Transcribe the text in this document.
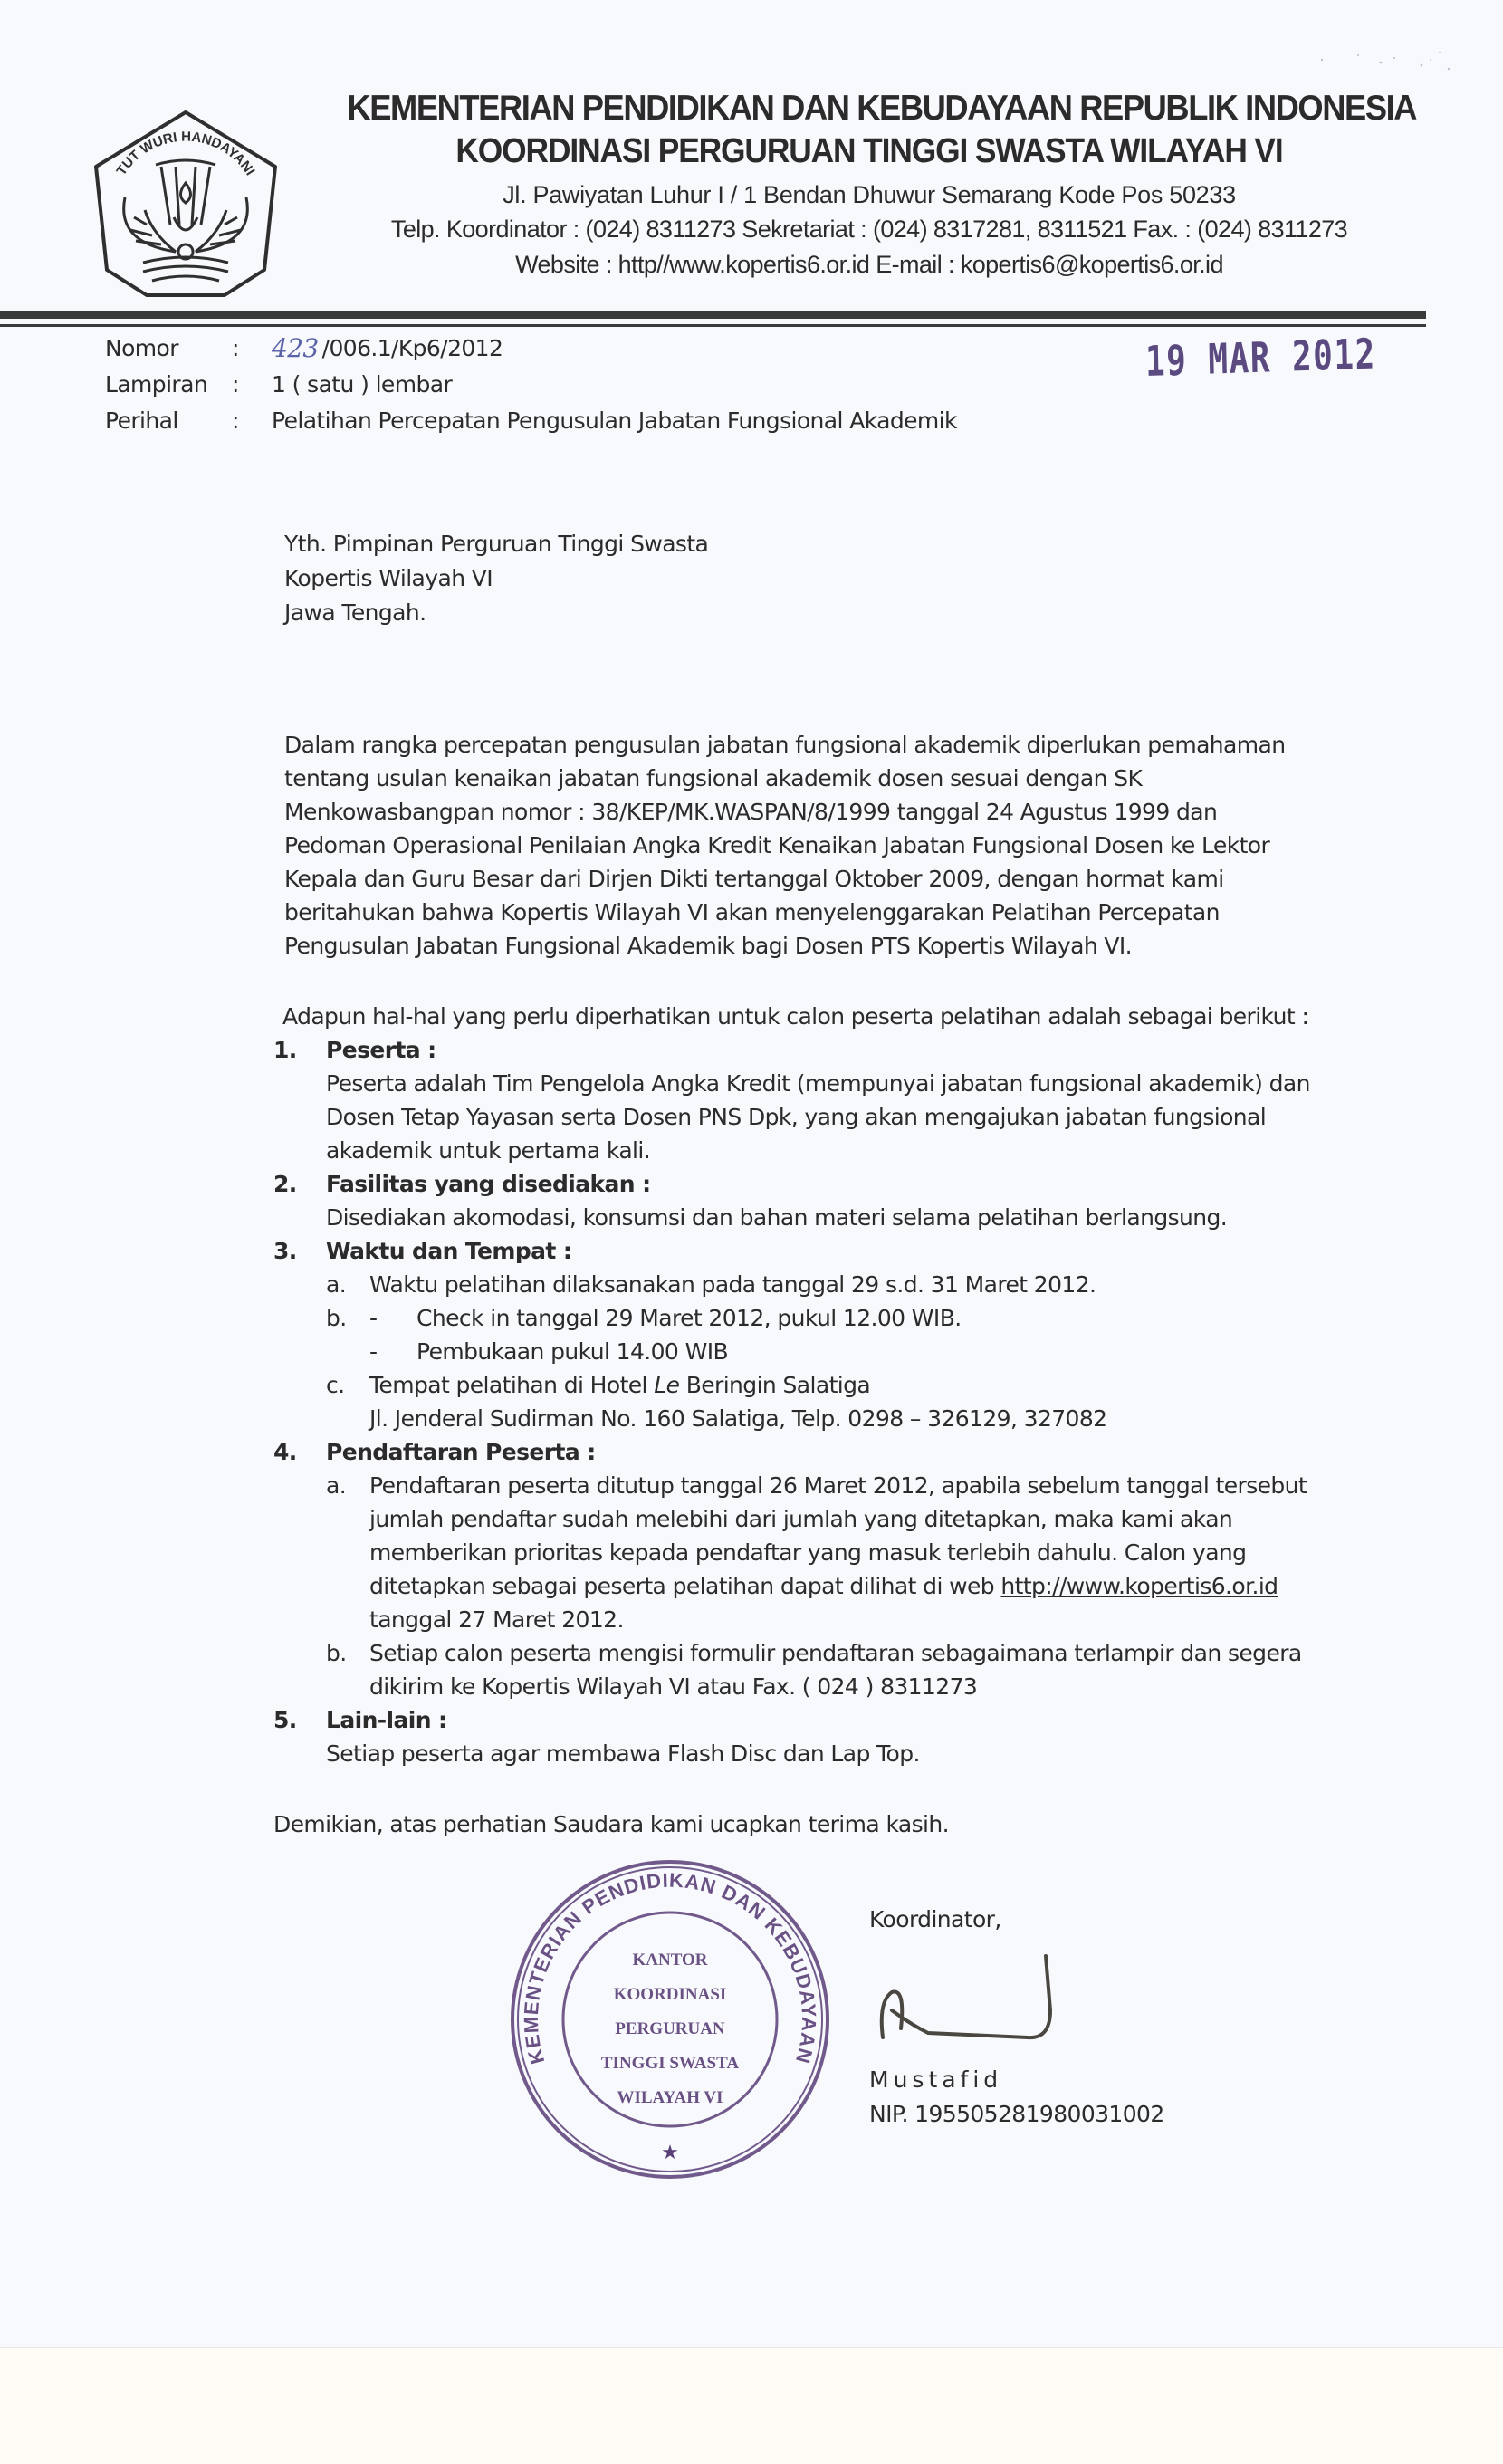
TUT WURI HANDAYANI
KEMENTERIAN PENDIDIKAN DAN KEBUDAYAAN REPUBLIK INDONESIA
KOORDINASI PERGURUAN TINGGI SWASTA WILAYAH VI
Jl. Pawiyatan Luhur I / 1 Bendan Dhuwur Semarang Kode Pos 50233
Telp. Koordinator : (024) 8311273 Sekretariat : (024) 8317281, 8311521 Fax. : (024) 8311273
Website : http//www.kopertis6.or.id E-mail : kopertis6@kopertis6.or.id
Nomor	:	423 /006.1/Kp6/2012
Lampiran	:	1 ( satu ) lembar
Perihal	:	Pelatihan Percepatan Pengusulan Jabatan Fungsional Akademik
19 MAR 2012
Yth. Pimpinan Perguruan Tinggi Swasta
Kopertis Wilayah VI
Jawa Tengah.
Dalam rangka percepatan pengusulan jabatan fungsional akademik diperlukan pemahaman
tentang usulan kenaikan jabatan fungsional akademik dosen sesuai dengan SK
Menkowasbangpan nomor : 38/KEP/MK.WASPAN/8/1999 tanggal 24 Agustus 1999 dan
Pedoman Operasional Penilaian Angka Kredit Kenaikan Jabatan Fungsional Dosen ke Lektor
Kepala dan Guru Besar dari Dirjen Dikti tertanggal Oktober 2009, dengan hormat kami
beritahukan bahwa Kopertis Wilayah VI akan menyelenggarakan Pelatihan Percepatan
Pengusulan Jabatan Fungsional Akademik bagi Dosen PTS Kopertis Wilayah VI.
Adapun hal-hal yang perlu diperhatikan untuk calon peserta pelatihan adalah sebagai berikut :
1.	Peserta :
Peserta adalah Tim Pengelola Angka Kredit (mempunyai jabatan fungsional akademik) dan
Dosen Tetap Yayasan serta Dosen PNS Dpk, yang akan mengajukan jabatan fungsional
akademik untuk pertama kali.
2.	Fasilitas yang disediakan :
Disediakan akomodasi, konsumsi dan bahan materi selama pelatihan berlangsung.
3.	Waktu dan Tempat :
a.	Waktu pelatihan dilaksanakan pada tanggal 29 s.d. 31 Maret 2012.
b.	-	Check in tanggal 29 Maret 2012, pukul 12.00 WIB.
-	Pembukaan pukul 14.00 WIB
c.	Tempat pelatihan di Hotel Le Beringin Salatiga
Jl. Jenderal Sudirman No. 160 Salatiga, Telp. 0298 – 326129, 327082
4.	Pendaftaran Peserta :
a.	Pendaftaran peserta ditutup tanggal 26 Maret 2012, apabila sebelum tanggal tersebut
jumlah pendaftar sudah melebihi dari jumlah yang ditetapkan, maka kami akan
memberikan prioritas kepada pendaftar yang masuk terlebih dahulu. Calon yang
ditetapkan sebagai peserta pelatihan dapat dilihat di web http://www.kopertis6.or.id
tanggal 27 Maret 2012.
b.	Setiap calon peserta mengisi formulir pendaftaran sebagaimana terlampir dan segera
dikirim ke Kopertis Wilayah VI atau Fax. ( 024 ) 8311273
5.	Lain-lain :
Setiap peserta agar membawa Flash Disc dan Lap Top.
Demikian, atas perhatian Saudara kami ucapkan terima kasih.
KEMENTERIAN PENDIDIKAN DAN KEBUDAYAAN
★
KANTOR
KOORDINASI
PERGURUAN
TINGGI SWASTA
WILAYAH VI
Koordinator,
Mustafid
NIP. 195505281980031002
